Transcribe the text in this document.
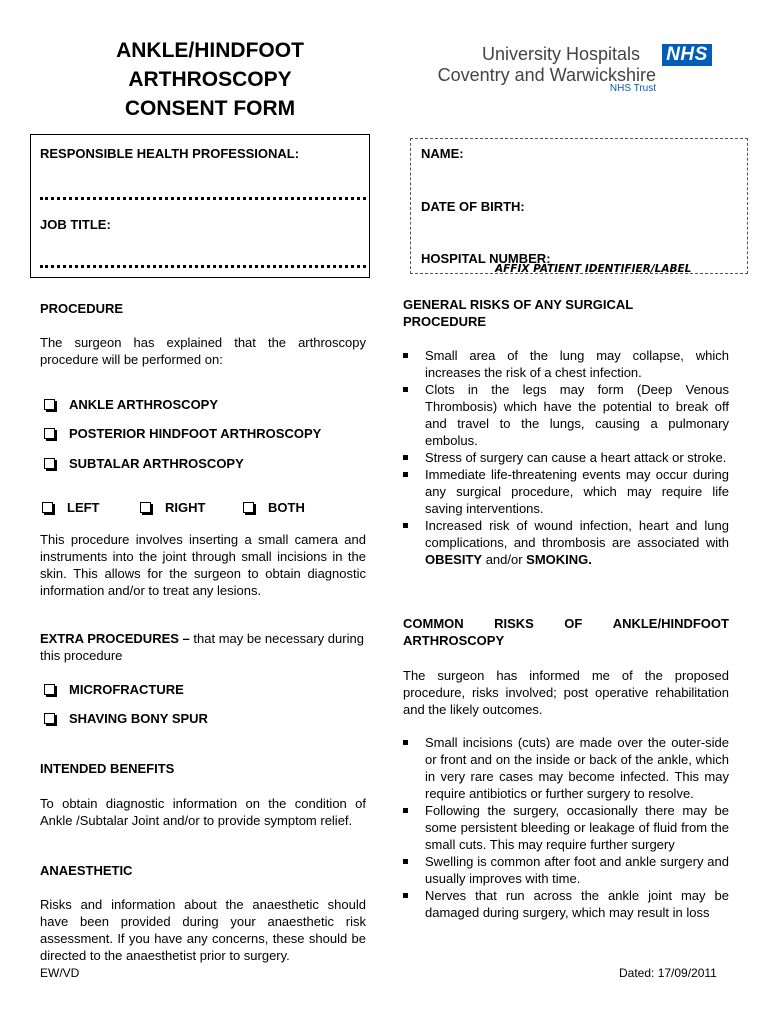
ANKLE/HINDFOOT
ARTHROSCOPY
CONSENT FORM
University Hospitals
Coventry and Warwickshire
NHS Trust
NHS
RESPONSIBLE HEALTH PROFESSIONAL:
JOB TITLE:
NAME:
DATE OF BIRTH:
HOSPITAL NUMBER:
AFFIX PATIENT IDENTIFIER/LABEL
PROCEDURE
The surgeon has explained that the arthroscopy procedure will be performed on:
ANKLE ARTHROSCOPY
POSTERIOR HINDFOOT ARTHROSCOPY
SUBTALAR ARTHROSCOPY
LEFT	RIGHT	BOTH
This procedure involves inserting a small camera and instruments into the joint through small incisions in the skin. This allows for the surgeon to obtain diagnostic information and/or to treat any lesions.
EXTRA PROCEDURES – that may be necessary during this procedure
MICROFRACTURE
SHAVING BONY SPUR
INTENDED BENEFITS
To obtain diagnostic information on the condition of Ankle /Subtalar Joint and/or to provide symptom relief.
ANAESTHETIC
Risks and information about the anaesthetic should have been provided during your anaesthetic risk assessment. If you have any concerns, these should be directed to the anaesthetist prior to surgery.
GENERAL RISKS OF ANY SURGICAL PROCEDURE
Small area of the lung may collapse, which increases the risk of a chest infection.
Clots in the legs may form (Deep Venous Thrombosis) which have the potential to break off and travel to the lungs, causing a pulmonary embolus.
Stress of surgery can cause a heart attack or stroke.
Immediate life-threatening events may occur during any surgical procedure, which may require life saving interventions.
Increased risk of wound infection, heart and lung complications, and thrombosis are associated with OBESITY and/or SMOKING.
COMMON RISKS OF ANKLE/HINDFOOT
ARTHROSCOPY
The surgeon has informed me of the proposed procedure, risks involved; post operative rehabilitation and the likely outcomes.
Small incisions (cuts) are made over the outer-side or front and on the inside or back of the ankle, which in very rare cases may become infected. This may require antibiotics or further surgery to resolve.
Following the surgery, occasionally there may be some persistent bleeding or leakage of fluid from the small cuts. This may require further surgery
Swelling is common after foot and ankle surgery and usually improves with time.
Nerves that run across the ankle joint may be damaged during surgery, which may result in loss
EW/VD	Dated: 17/09/2011
